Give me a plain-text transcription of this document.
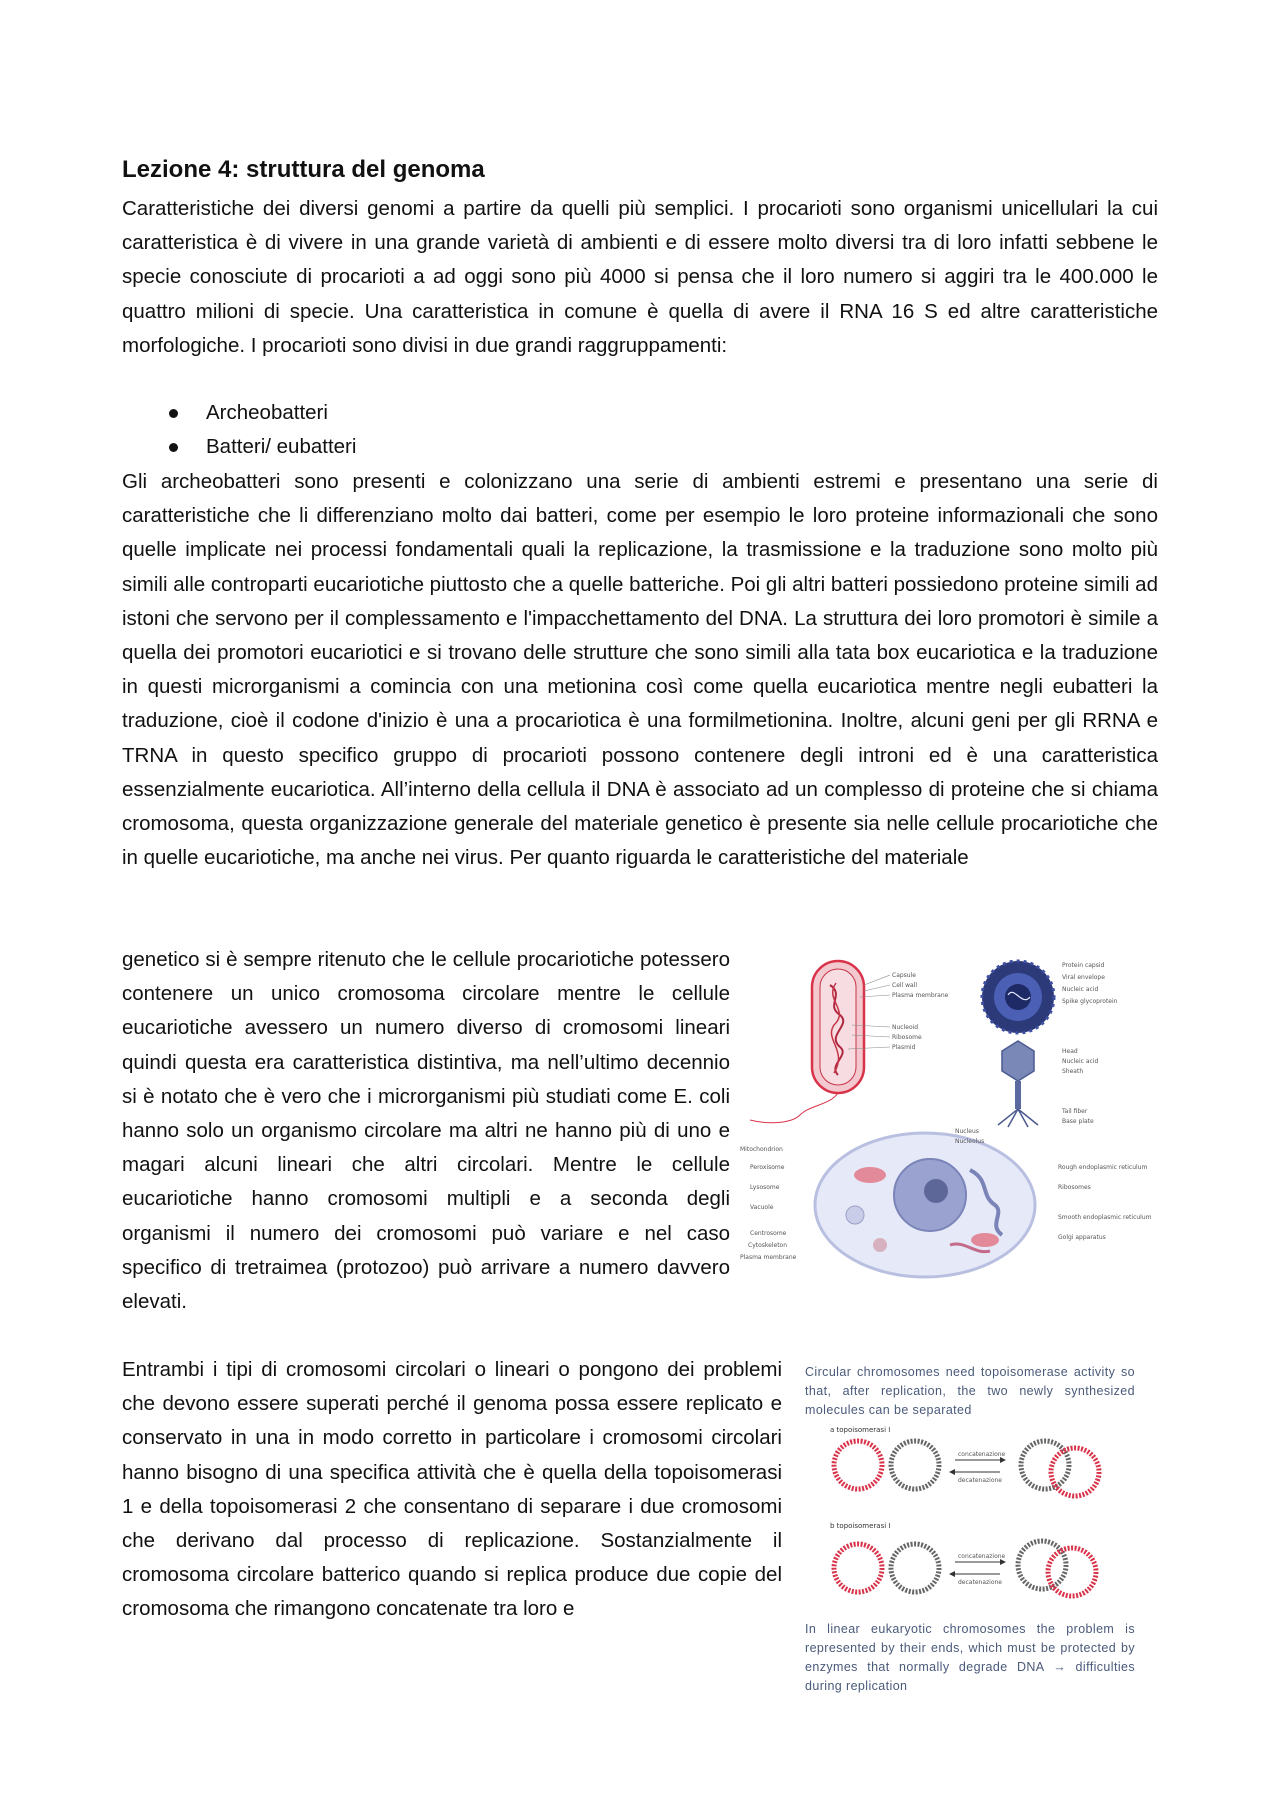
Lezione 4: struttura del genoma

Caratteristiche dei diversi genomi a partire da quelli più semplici. I procarioti sono organismi unicellulari la cui caratteristica è di vivere in una grande varietà di ambienti e di essere molto diversi tra di loro infatti sebbene le specie conosciute di procarioti a ad oggi sono più 4000 si pensa che il loro numero si aggiri tra le 400.000 le quattro milioni di specie. Una caratteristica in comune è quella di avere il RNA 16 S ed altre caratteristiche morfologiche. I procarioti sono divisi in due grandi raggruppamenti:

Archeobatteri
Batteri/ eubatteri

Gli archeobatteri sono presenti e colonizzano una serie di ambienti estremi e presentano una serie di caratteristiche che li differenziano molto dai batteri, come per esempio le loro proteine informazionali che sono quelle implicate nei processi fondamentali quali la replicazione, la trasmissione e la traduzione sono molto più simili alle controparti eucariotiche piuttosto che a quelle batteriche. Poi gli altri batteri possiedono proteine simili ad istoni che servono per il complessamento e l'impacchettamento del DNA. La struttura dei loro promotori è simile a quella dei promotori eucariotici e si trovano delle strutture che sono simili alla tata box eucariotica e la traduzione in questi microrganismi a comincia con una metionina così come quella eucariotica mentre negli eubatteri la traduzione, cioè il codone d'inizio è una a procariotica è una formilmetionina. Inoltre, alcuni geni per gli RRNA e TRNA in questo specifico gruppo di procarioti possono contenere degli introni ed è una caratteristica essenzialmente eucariotica. All’interno della cellula il DNA è associato ad un complesso di proteine che si chiama cromosoma, questa organizzazione generale del materiale genetico è presente sia nelle cellule procariotiche che in quelle eucariotiche, ma anche nei virus. Per quanto riguarda le caratteristiche del materiale

genetico si è sempre ritenuto che le cellule procariotiche potessero contenere un unico cromosoma circolare mentre le cellule eucariotiche avessero un numero diverso di cromosomi lineari quindi questa era caratteristica distintiva, ma nell’ultimo decennio si è notato che è vero che i microrganismi più studiati come E. coli hanno solo un organismo circolare ma altri ne hanno più di uno e magari alcuni lineari che altri circolari. Mentre le cellule eucariotiche hanno cromosomi multipli e a seconda degli organismi il numero dei cromosomi può variare e nel caso specifico di tretraimea (protozoo) può arrivare a numero davvero elevati.

Entrambi i tipi di cromosomi circolari o lineari o pongono dei problemi che devono essere superati perché il genoma possa essere replicato e conservato in una in modo corretto in particolare i cromosomi circolari hanno bisogno di una specifica attività che è quella della topoisomerasi 1 e della topoisomerasi 2 che consentano di separare i due cromosomi che derivano dal processo di replicazione. Sostanzialmente il cromosoma circolare batterico quando si replica produce due copie del cromosoma che rimangono concatenate tra loro e

Capsule
Cell wall
Plasma membrane
Nucleoid
Ribosome
Plasmid
Protein capsid
Viral envelope
Nucleic acid
Spike glycoprotein
Head
Nucleic acid
Sheath
Tail fiber
Base plate
Mitochondrion
Peroxisome
Lysosome
Vacuole
Centrosome
Cytoskeleton
Plasma membrane
Nucleus
Nucleolus
Rough endoplasmic reticulum
Ribosomes
Smooth endoplasmic reticulum
Golgi apparatus
Circular chromosomes need topoisomerase activity so that, after replication, the two newly synthesized molecules can be separated
a topoisomerasi I
concatenazione
decatenazione
b topoisomerasi I
concatenazione
decatenazione
In linear eukaryotic chromosomes the problem is represented by their ends, which must be protected by enzymes that normally degrade DNA → difficulties during replication
